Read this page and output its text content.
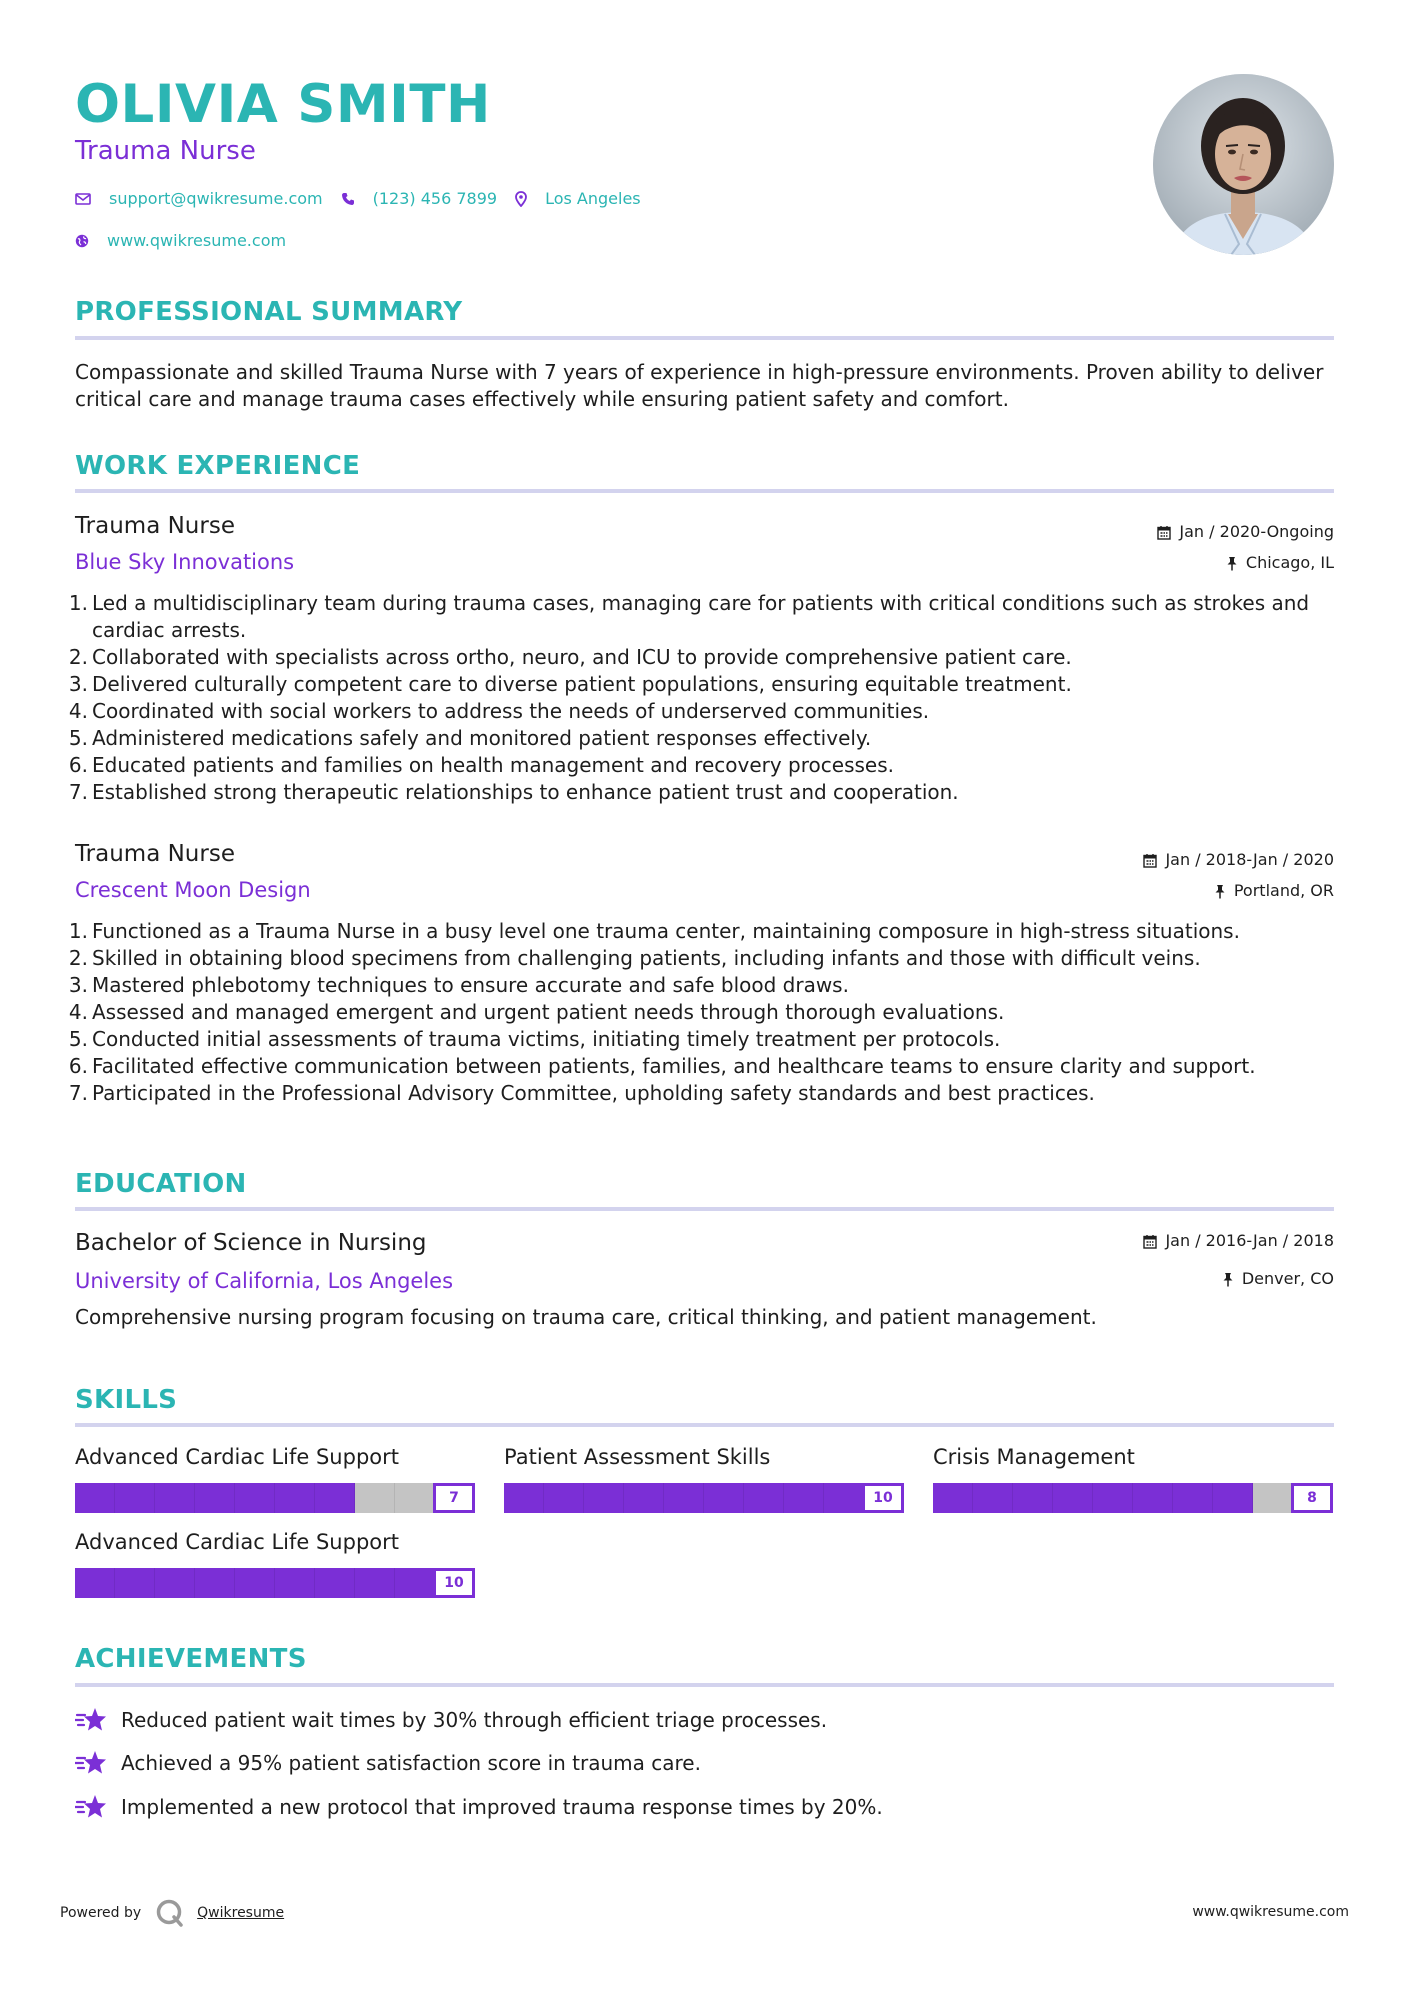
OLIVIA SMITH
Trauma Nurse
support@qwikresume.com	(123) 456 7899	Los Angeles
www.qwikresume.com
PROFESSIONAL SUMMARY
Compassionate and skilled Trauma Nurse with 7 years of experience in high-pressure environments. Proven ability to deliver critical care and manage trauma cases effectively while ensuring patient safety and comfort.
WORK EXPERIENCE
Trauma Nurse
Blue Sky Innovations
Jan / 2020-Ongoing
Chicago, IL
1. Led a multidisciplinary team during trauma cases, managing care for patients with critical conditions such as strokes and cardiac arrests.
2. Collaborated with specialists across ortho, neuro, and ICU to provide comprehensive patient care.
3. Delivered culturally competent care to diverse patient populations, ensuring equitable treatment.
4. Coordinated with social workers to address the needs of underserved communities.
5. Administered medications safely and monitored patient responses effectively.
6. Educated patients and families on health management and recovery processes.
7. Established strong therapeutic relationships to enhance patient trust and cooperation.
Trauma Nurse
Crescent Moon Design
Jan / 2018-Jan / 2020
Portland, OR
1. Functioned as a Trauma Nurse in a busy level one trauma center, maintaining composure in high-stress situations.
2. Skilled in obtaining blood specimens from challenging patients, including infants and those with difficult veins.
3. Mastered phlebotomy techniques to ensure accurate and safe blood draws.
4. Assessed and managed emergent and urgent patient needs through thorough evaluations.
5. Conducted initial assessments of trauma victims, initiating timely treatment per protocols.
6. Facilitated effective communication between patients, families, and healthcare teams to ensure clarity and support.
7. Participated in the Professional Advisory Committee, upholding safety standards and best practices.
EDUCATION
Bachelor of Science in Nursing
University of California, Los Angeles
Jan / 2016-Jan / 2018
Denver, CO
Comprehensive nursing program focusing on trauma care, critical thinking, and patient management.
SKILLS
Advanced Cardiac Life Support
7
Patient Assessment Skills
10
Crisis Management
8
Advanced Cardiac Life Support
10
ACHIEVEMENTS
Reduced patient wait times by 30% through efficient triage processes.
Achieved a 95% patient satisfaction score in trauma care.
Implemented a new protocol that improved trauma response times by 20%.
Powered by	Qwikresume	www.qwikresume.com
